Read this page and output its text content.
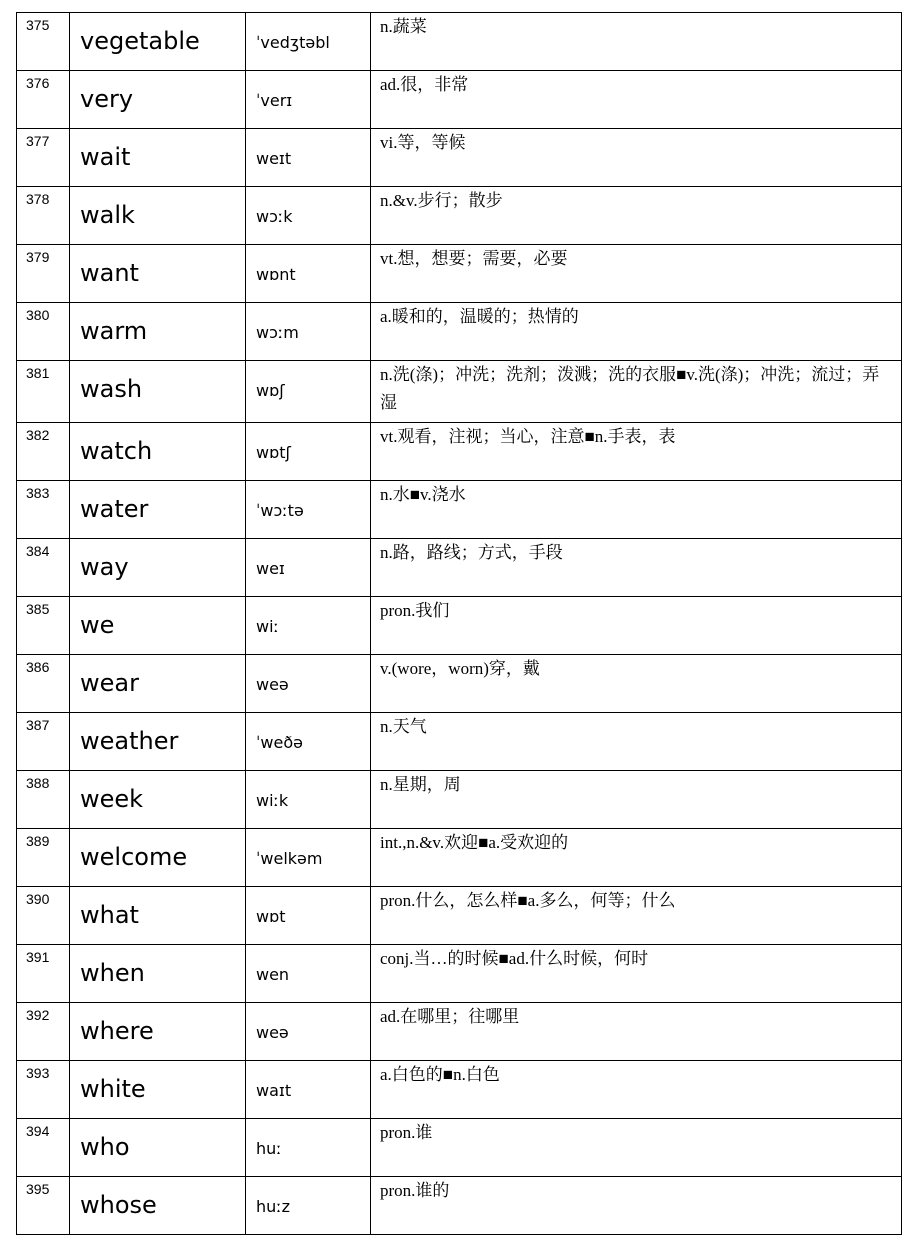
375	vegetable	ˈvedʒtəbl	n.蔬菜
376	very	ˈverɪ	ad.很，非常
377	wait	weɪt	vi.等，等候
378	walk	wɔːk	n.&v.步行；散步
379	want	wɒnt	vt.想，想要；需要，必要
380	warm	wɔːm	a.暖和的，温暖的；热情的
381	wash	wɒʃ	n.洗(涤)；冲洗；洗剂；泼溅；洗的衣服■v.洗(涤)；冲洗；流过；弄湿
382	watch	wɒtʃ	vt.观看，注视；当心，注意■n.手表，表
383	water	ˈwɔːtə	n.水■v.浇水
384	way	weɪ	n.路，路线；方式，手段
385	we	wiː	pron.我们
386	wear	weə	v.(wore，worn)穿，戴
387	weather	ˈweðə	n.天气
388	week	wiːk	n.星期，周
389	welcome	ˈwelkəm	int.,n.&v.欢迎■a.受欢迎的
390	what	wɒt	pron.什么，怎么样■a.多么，何等；什么
391	when	wen	conj.当…的时候■ad.什么时候，何时
392	where	weə	ad.在哪里；往哪里
393	white	waɪt	a.白色的■n.白色
394	who	huː	pron.谁
395	whose	huːz	pron.谁的
